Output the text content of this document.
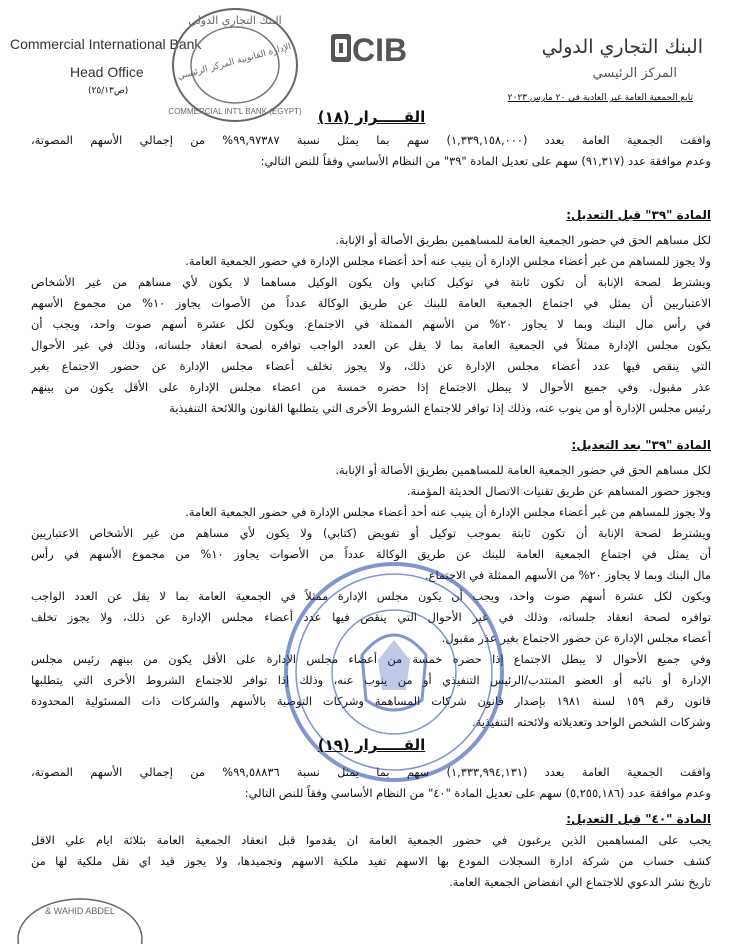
Commercial International Bank
Head Office
(ص٢٥/١٣)
CIB	البنك التجاري الدولي
المركز الرئيسي
تابع الجمعية العامة غير العادية في ٢٠ مارس ٢٠٢٣
البنك التجاري الدولي
الإدارة القانونية المركز الرئيسي
COMMERCIAL INT'L BANK (EGYPT)	القـــــرار (١٨)
وافقت الجمعية العامة بعدد (١,٣٣٩,١٥٨,٠٠٠) سهم بما يمثل نسبة ٩٩,٩٧٣٨٧% من إجمالي الأسهم المصوتة،
وعدم موافقة عدد (٩١,٣١٧) سهم على تعديل المادة "٣٩" من النظام الأساسي وفقاً للنص التالي:
المادة "٣٩" قبل التعديل:
لكل مساهم الحق في حضور الجمعية العامة للمساهمين بطريق الأصالة أو الإنابة.
ولا يجوز للمساهم من غير أعضاء مجلس الإدارة أن ينيب عنه أحد أعضاء مجلس الإدارة في حضور الجمعية العامة.
ويشترط لصحة الإنابة أن تكون ثابتة في توكيل كتابي وان يكون الوكيل مساهما لا يكون لأي مساهم من غير الأشخاص
الاعتباريين أن يمثل في اجتماع الجمعية العامة للبنك عن طريق الوكالة عدداً من الأصوات يجاوز ١٠% من مجموع الأسهم
في رأس مال البنك وبما لا يجاوز ٢٠% من الأسهم الممثلة في الاجتماع. ويكون لكل عشرة أسهم صوت واحد، ويجب أن
يكون مجلس الإدارة ممثلاً في الجمعية العامة بما لا يقل عن العدد الواجب توافره لصحة انعقاد جلساته، وذلك في غير الأحوال
التي ينقص فيها عدد أعضاء مجلس الإدارة عن ذلك، ولا يجوز تخلف أعضاء مجلس الإدارة عن حضور الاجتماع بغير
عذر مقبول. وفي جميع الأحوال لا يبطل الاجتماع إذا حضره خمسة من اعضاء مجلس الإدارة على الأقل يكون من بينهم
رئيس مجلس الإدارة أو من ينوب عنه، وذلك إذا توافر للاجتماع الشروط الأخرى التي يتطلبها القانون واللائحة التنفيذية
المادة "٣٩" بعد التعديل:
لكل مساهم الحق في حضور الجمعية العامة للمساهمين بطريق الأصالة أو الإنابة.
ويجوز حضور المساهم عن طريق تقنيات الاتصال الحديثة المؤمنة.
ولا يجوز للمساهم من غير أعضاء مجلس الإدارة أن ينيب عنه أحد أعضاء مجلس الإدارة في حضور الجمعية العامة.
ويشترط لصحة الإنابة أن تكون ثابتة بموجب توكيل أو تفويض (كتابي) ولا يكون لأي مساهم من غير الأشخاص الاعتباريين
أن يمثل في اجتماع الجمعية العامة للبنك عن طريق الوكالة عدداً من الأصوات يجاوز ١٠% من مجموع الأسهم في رأس
مال البنك وبما لا يجاوز ٢٠% من الأسهم الممثلة في الاجتماع.
ويكون لكل عشرة أسهم صوت واحد، ويجب أن يكون مجلس الإدارة ممثلاً في الجمعية العامة بما لا يقل عن العدد الواجب
توافره لصحة انعقاد جلساته، وذلك في غير الأحوال التي ينقص فيها عدد أعضاء مجلس الإدارة عن ذلك، ولا يجوز تخلف
أعضاء مجلس الإدارة عن حضور الاجتماع بغير عذر مقبول.
وفي جميع الأحوال لا يبطل الاجتماع إذا حضره خمسة من أعضاء مجلس الإدارة على الأقل يكون من بينهم رئيس مجلس
الإدارة أو نائبه أو العضو المنتدب/الرئيس التنفيذي أو من ينوب عنه، وذلك إذا توافر للاجتماع الشروط الأخرى التي يتطلبها
قانون رقم ١٥٩ لسنة ١٩٨١ بإصدار قانون شركات المساهمة وشركات التوصية بالأسهم والشركات ذات المسئولية المحدودة
وشركات الشخص الواحد وتعديلاته ولائحته التنفيذية.
القـــــرار (١٩)
وافقت الجمعية العامة بعدد (١,٣٣٣,٩٩٤,١٣١) سهم بما يمثل نسبة ٩٩,٥٨٨٣٦% من إجمالي الأسهم المصوتة،
وعدم موافقة عدد (٥,٢٥٥,١٨٦) سهم على تعديل المادة "٤٠" من النظام الأساسي وفقاً للنص التالي:
المادة "٤٠" قبل التعديل:
يجب على المساهمين الذين يرغبون في حضور الجمعية العامة ان يقدموا قبل انعقاد الجمعية العامة بثلاثة ايام علي الاقل
كشف حساب من شركة ادارة السجلات المودع بها الاسهم تفيد ملكية الاسهم وتجميدها، ولا يجوز قيد اي نقل ملكية لها من
تاريخ نشر الدعوي للاجتماع الي انفضاض الجمعية العامة.
& WAHID ABDEL
